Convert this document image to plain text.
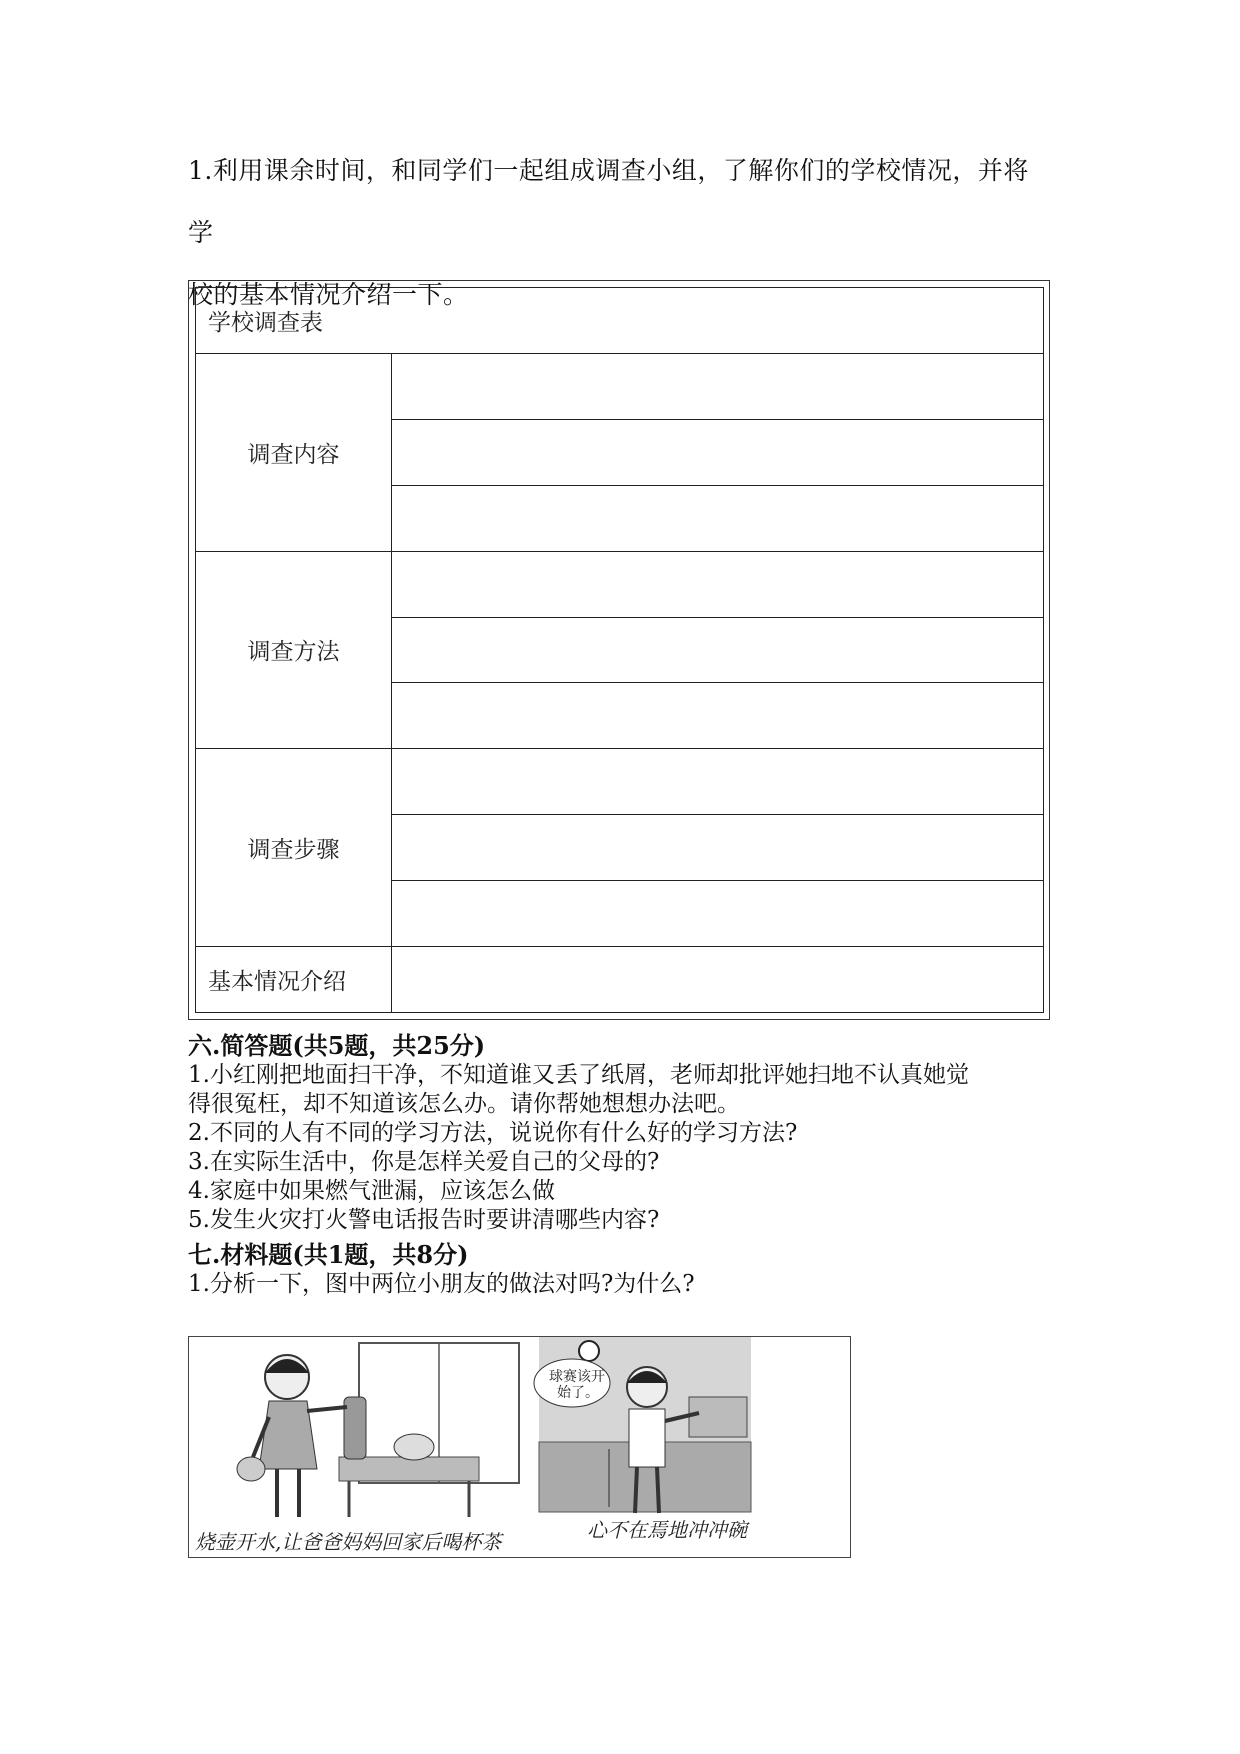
1.利用课余时间，和同学们一起组成调查小组，了解你们的学校情况，并将学

校的基本情况介绍一下。

学校调查表	
调查内容	

调查方法	

调查步骤	

基本情况介绍	
六.简答题(共5题，共25分)

1.小红刚把地面扫干净，不知道谁又丢了纸屑，老师却批评她扫地不认真她觉

得很冤枉，却不知道该怎么办。请你帮她想想办法吧。

2.不同的人有不同的学习方法，说说你有什么好的学习方法?

3.在实际生活中，你是怎样关爱自己的父母的?

4.家庭中如果燃气泄漏，应该怎么做

5.发生火灾打火警电话报告时要讲清哪些内容?

七.材料题(共1题，共8分)

1.分析一下，图中两位小朋友的做法对吗?为什么?

球赛该开
始了。
烧壶开水,让爸爸妈妈回家后喝杯茶	心不在焉地冲冲碗
